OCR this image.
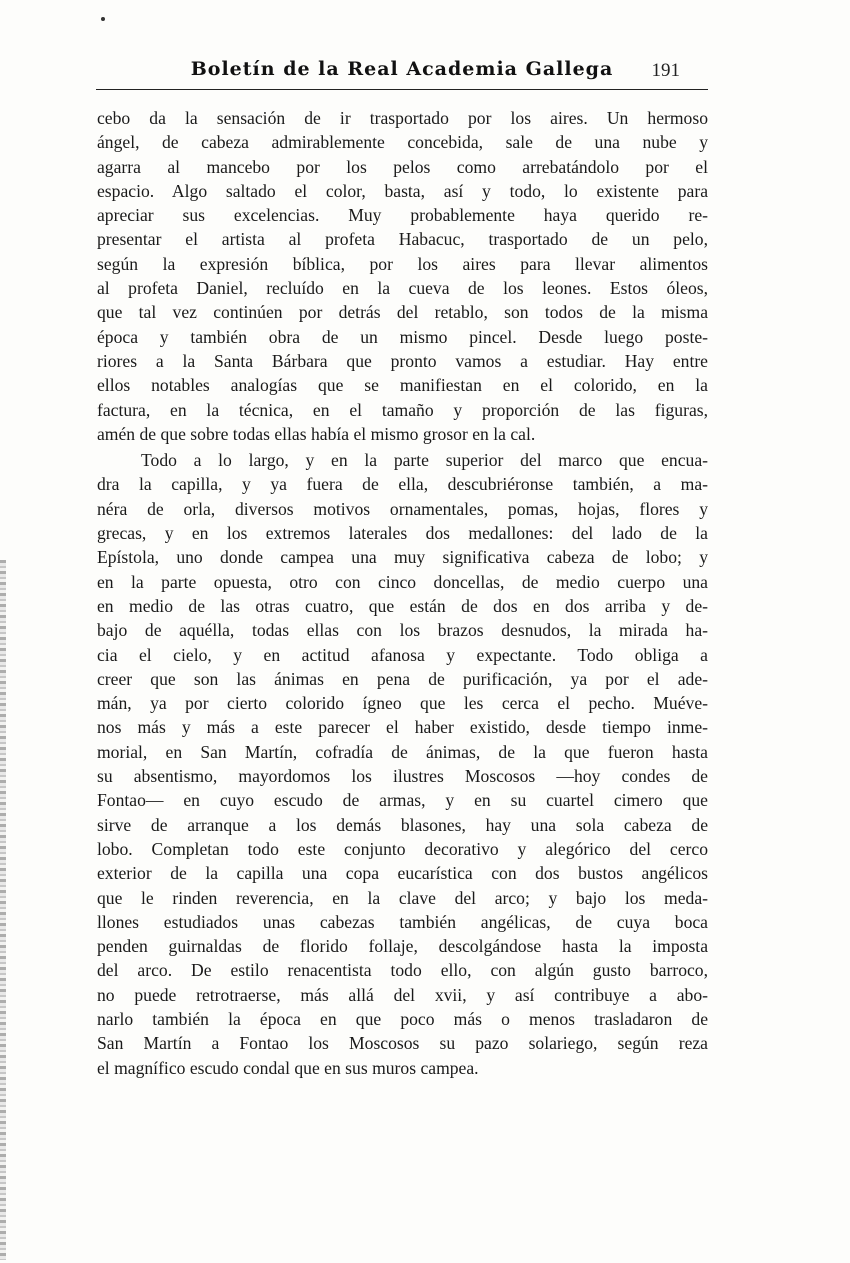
Boletín de la Real Academia Gallega	191

cebo da la sensación de ir trasportado por los aires. Un hermoso
ángel, de cabeza admirablemente concebida, sale de una nube y
agarra al mancebo por los pelos como arrebatándolo por el
espacio. Algo saltado el color, basta, así y todo, lo existente para
apreciar sus excelencias. Muy probablemente haya querido re-
presentar el artista al profeta Habacuc, trasportado de un pelo,
según la expresión bíblica, por los aires para llevar alimentos
al profeta Daniel, recluído en la cueva de los leones. Estos óleos,
que tal vez continúen por detrás del retablo, son todos de la misma
época y también obra de un mismo pincel. Desde luego poste-
riores a la Santa Bárbara que pronto vamos a estudiar. Hay entre
ellos notables analogías que se manifiestan en el colorido, en la
factura, en la técnica, en el tamaño y proporción de las figuras,
amén de que sobre todas ellas había el mismo grosor en la cal.

Todo a lo largo, y en la parte superior del marco que encua-
dra la capilla, y ya fuera de ella, descubriéronse también, a ma-
néra de orla, diversos motivos ornamentales, pomas, hojas, flores y
grecas, y en los extremos laterales dos medallones: del lado de la
Epístola, uno donde campea una muy significativa cabeza de lobo; y
en la parte opuesta, otro con cinco doncellas, de medio cuerpo una
en medio de las otras cuatro, que están de dos en dos arriba y de-
bajo de aquélla, todas ellas con los brazos desnudos, la mirada ha-
cia el cielo, y en actitud afanosa y expectante. Todo obliga a
creer que son las ánimas en pena de purificación, ya por el ade-
mán, ya por cierto colorido ígneo que les cerca el pecho. Muéve-
nos más y más a este parecer el haber existido, desde tiempo inme-
morial, en San Martín, cofradía de ánimas, de la que fueron hasta
su absentismo, mayordomos los ilustres Moscosos —hoy condes de
Fontao— en cuyo escudo de armas, y en su cuartel cimero que
sirve de arranque a los demás blasones, hay una sola cabeza de
lobo. Completan todo este conjunto decorativo y alegórico del cerco
exterior de la capilla una copa eucarística con dos bustos angélicos
que le rinden reverencia, en la clave del arco; y bajo los meda-
llones estudiados unas cabezas también angélicas, de cuya boca
penden guirnaldas de florido follaje, descolgándose hasta la imposta
del arco. De estilo renacentista todo ello, con algún gusto barroco,
no puede retrotraerse, más allá del xvii, y así contribuye a abo-
narlo también la época en que poco más o menos trasladaron de
San Martín a Fontao los Moscosos su pazo solariego, según reza
el magnífico escudo condal que en sus muros campea.
